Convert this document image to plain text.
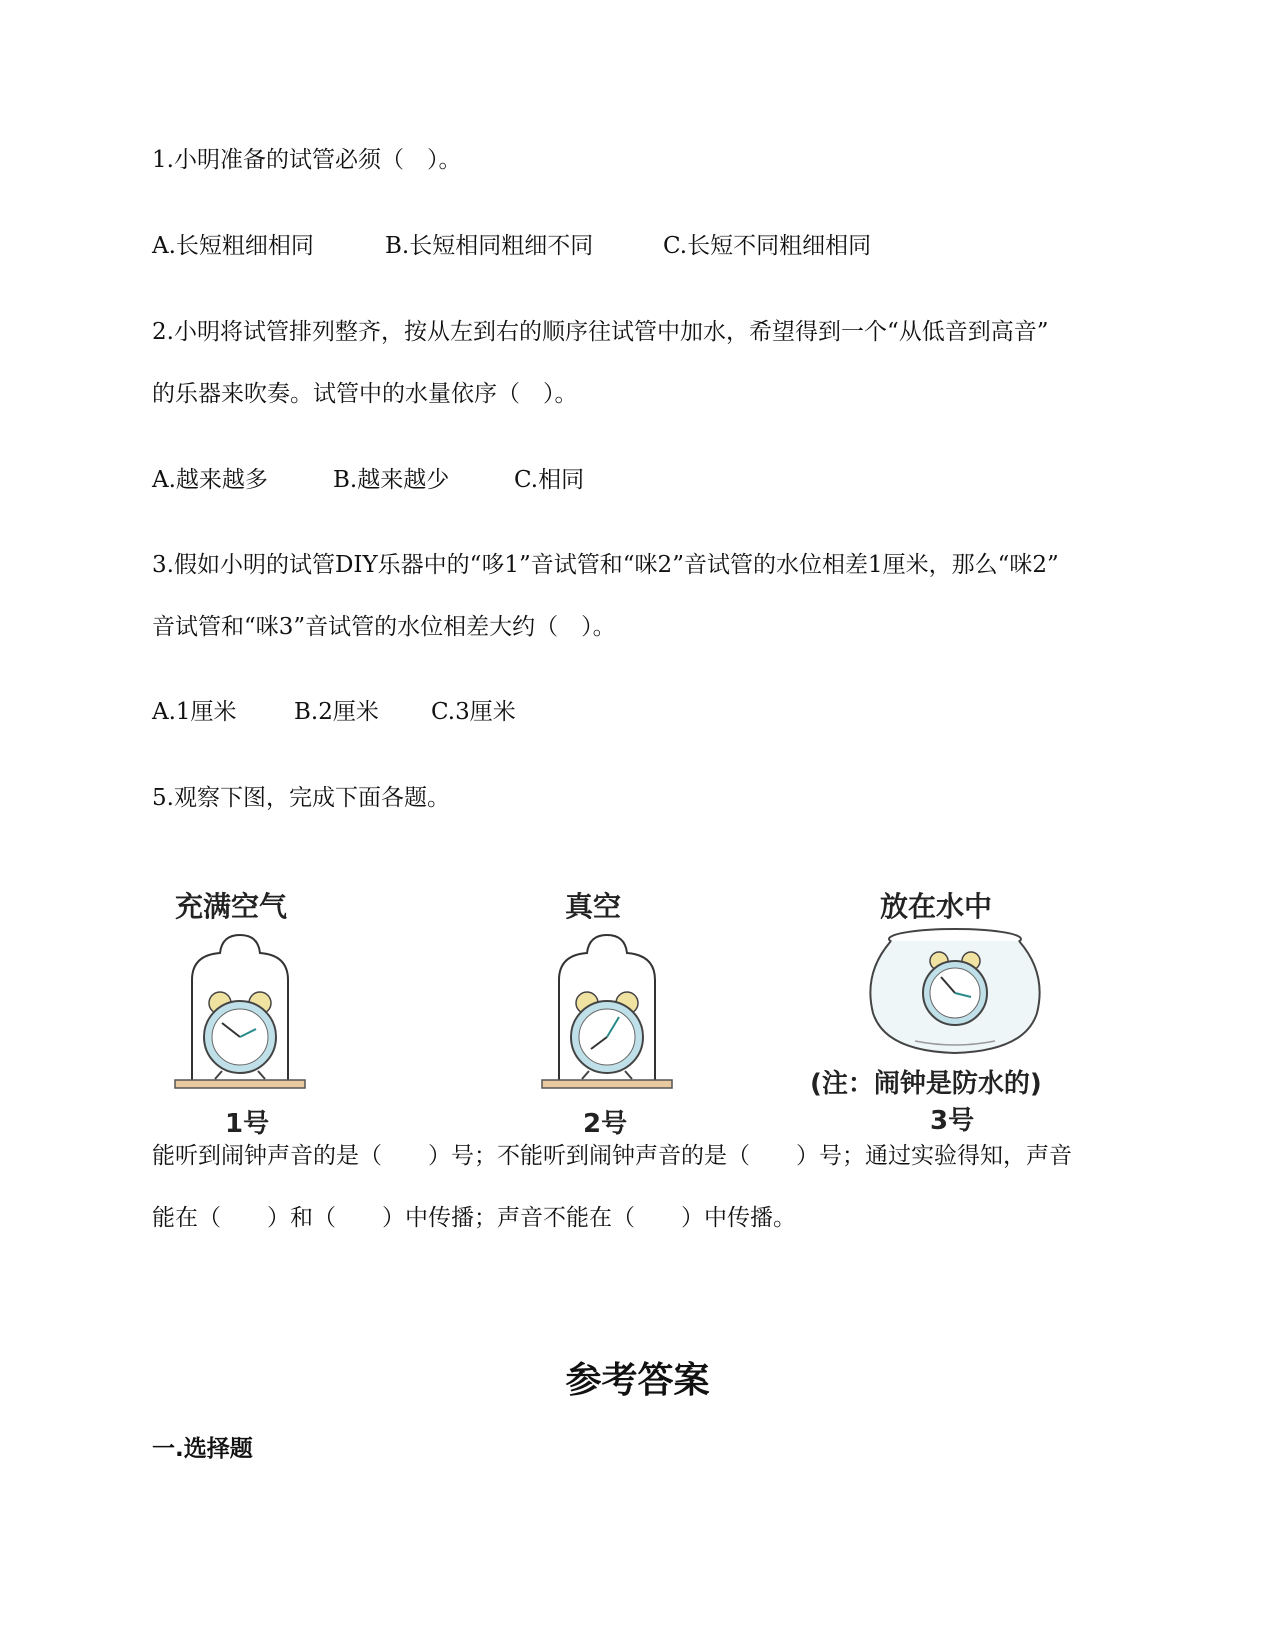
1.小明准备的试管必须（　）。
A.长短粗细相同	B.长短相同粗细不同	C.长短不同粗细相同
2.小明将试管排列整齐，按从左到右的顺序往试管中加水，希望得到一个“从低音到高音”
的乐器来吹奏。试管中的水量依序（　）。
A.越来越多	B.越来越少	C.相同
3.假如小明的试管DIY乐器中的“哆1”音试管和“咪2”音试管的水位相差1厘米，那么“咪2”
音试管和“咪3”音试管的水位相差大约（　）。
A.1厘米 B.2厘米 C.3厘米
5.观察下图，完成下面各题。
充满空气
1号
真空
2号
放在水中
(注：闹钟是防水的)
3号
能听到闹钟声音的是（　　）号；不能听到闹钟声音的是（　　）号；通过实验得知，声音
能在（　　）和（　　）中传播；声音不能在（　　）中传播。
参考答案
一.选择题
